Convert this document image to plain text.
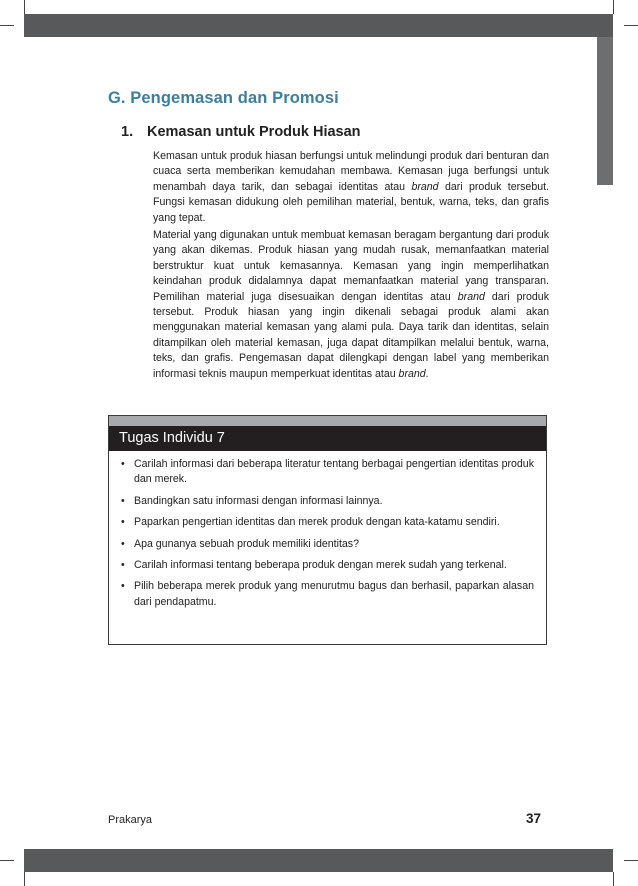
G. Pengemasan dan Promosi
1. Kemasan untuk Produk Hiasan

Kemasan untuk produk hiasan berfungsi untuk melindungi produk dari benturan dan cuaca serta memberikan kemudahan membawa. Kemasan juga berfungsi untuk menambah daya tarik, dan sebagai identitas atau brand dari produk tersebut. Fungsi kemasan didukung oleh pemilihan material, bentuk, warna, teks, dan grafis yang tepat.

Material yang digunakan untuk membuat kemasan beragam bergantung dari produk yang akan dikemas. Produk hiasan yang mudah rusak, memanfaatkan material berstruktur kuat untuk kemasannya. Kemasan yang ingin memperlihatkan keindahan produk didalamnya dapat memanfaatkan material yang transparan. Pemilihan material juga disesuaikan dengan identitas atau brand dari produk tersebut. Produk hiasan yang ingin dikenali sebagai produk alami akan menggunakan material kemasan yang alami pula. Daya tarik dan identitas, selain ditampilkan oleh material kemasan, juga dapat ditampilkan melalui bentuk, warna, teks, dan grafis. Pengemasan dapat dilengkapi dengan label yang memberikan informasi teknis maupun memperkuat identitas atau brand.

Tugas Individu 7
• Carilah informasi dari beberapa literatur tentang berbagai pengertian identitas produk dan merek.
• Bandingkan satu informasi dengan informasi lainnya.
• Paparkan pengertian identitas dan merek produk dengan kata-katamu sendiri.
• Apa gunanya sebuah produk memiliki identitas?
• Carilah informasi tentang beberapa produk dengan merek sudah yang terkenal.
• Pilih beberapa merek produk yang menurutmu bagus dan berhasil, paparkan alasan dari pendapatmu.
Prakarya	37
